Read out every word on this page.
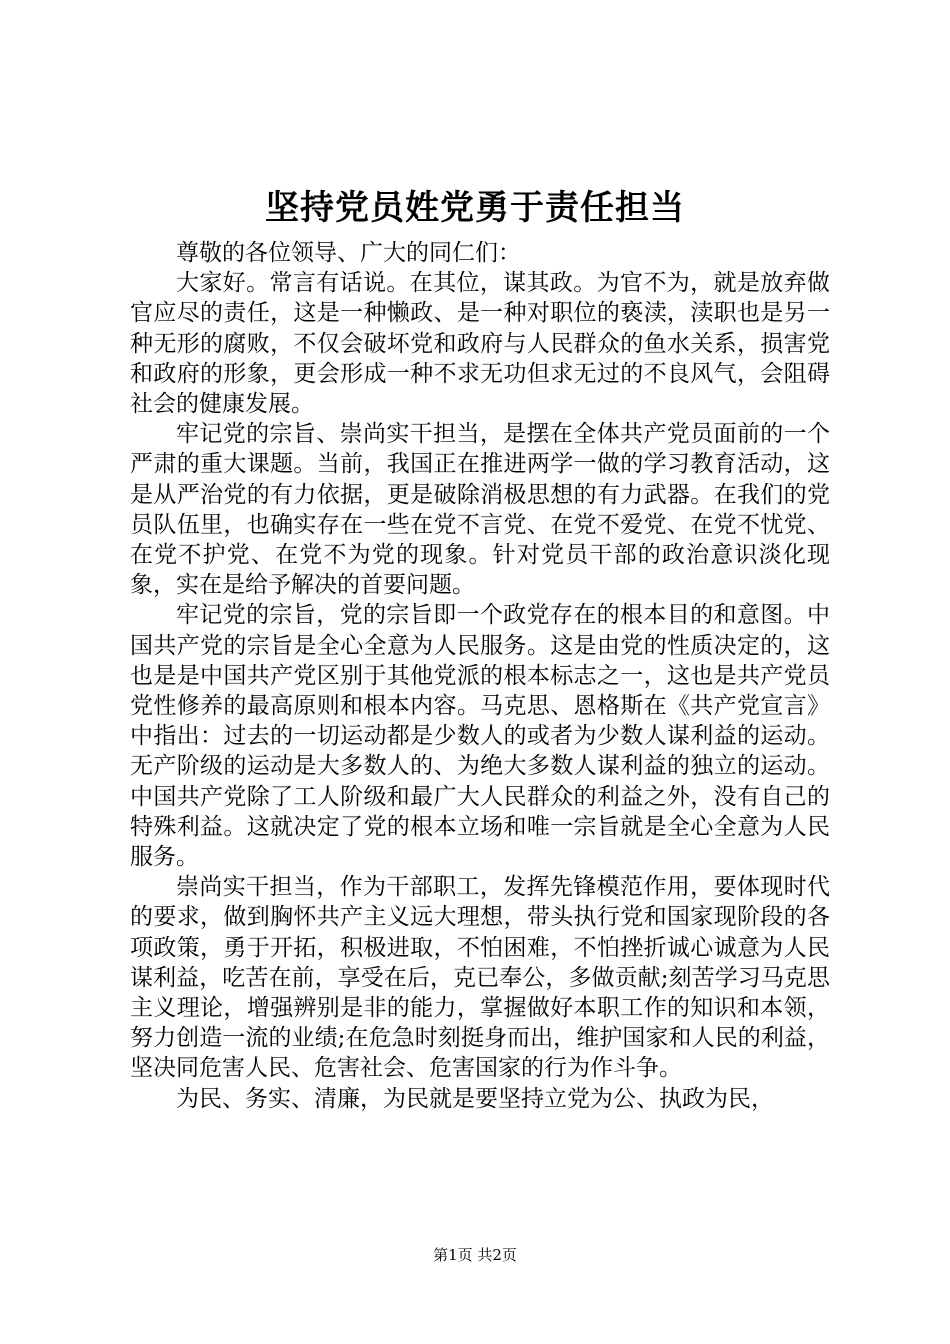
坚持党员姓党勇于责任担当

尊敬的各位领导、广大的同仁们：

大家好。常言有话说。在其位，谋其政。为官不为，就是放弃做官应尽的责任，这是一种懒政、是一种对职位的亵渎，渎职也是另一种无形的腐败，不仅会破坏党和政府与人民群众的鱼水关系，损害党和政府的形象，更会形成一种不求无功但求无过的不良风气，会阻碍社会的健康发展。

牢记党的宗旨、崇尚实干担当，是摆在全体共产党员面前的一个严肃的重大课题。当前，我国正在推进两学一做的学习教育活动，这是从严治党的有力依据，更是破除消极思想的有力武器。在我们的党员队伍里，也确实存在一些在党不言党、在党不爱党、在党不忧党、在党不护党、在党不为党的现象。针对党员干部的政治意识淡化现象，实在是给予解决的首要问题。

牢记党的宗旨，党的宗旨即一个政党存在的根本目的和意图。中国共产党的宗旨是全心全意为人民服务。这是由党的性质决定的，这也是是中国共产党区别于其他党派的根本标志之一，这也是共产党员党性修养的最高原则和根本内容。马克思、恩格斯在《共产党宣言》中指出：过去的一切运动都是少数人的或者为少数人谋利益的运动。无产阶级的运动是大多数人的、为绝大多数人谋利益的独立的运动。中国共产党除了工人阶级和最广大人民群众的利益之外，没有自己的特殊利益。这就决定了党的根本立场和唯一宗旨就是全心全意为人民服务。

崇尚实干担当，作为干部职工，发挥先锋模范作用，要体现时代的要求，做到胸怀共产主义远大理想，带头执行党和国家现阶段的各项政策，勇于开拓，积极进取，不怕困难，不怕挫折诚心诚意为人民谋利益，吃苦在前，享受在后，克已奉公，多做贡献;刻苦学习马克思主义理论，增强辨别是非的能力，掌握做好本职工作的知识和本领，努力创造一流的业绩;在危急时刻挺身而出，维护国家和人民的利益，坚决同危害人民、危害社会、危害国家的行为作斗争。

为民、务实、清廉，为民就是要坚持立党为公、执政为民，

第1页 共2页
